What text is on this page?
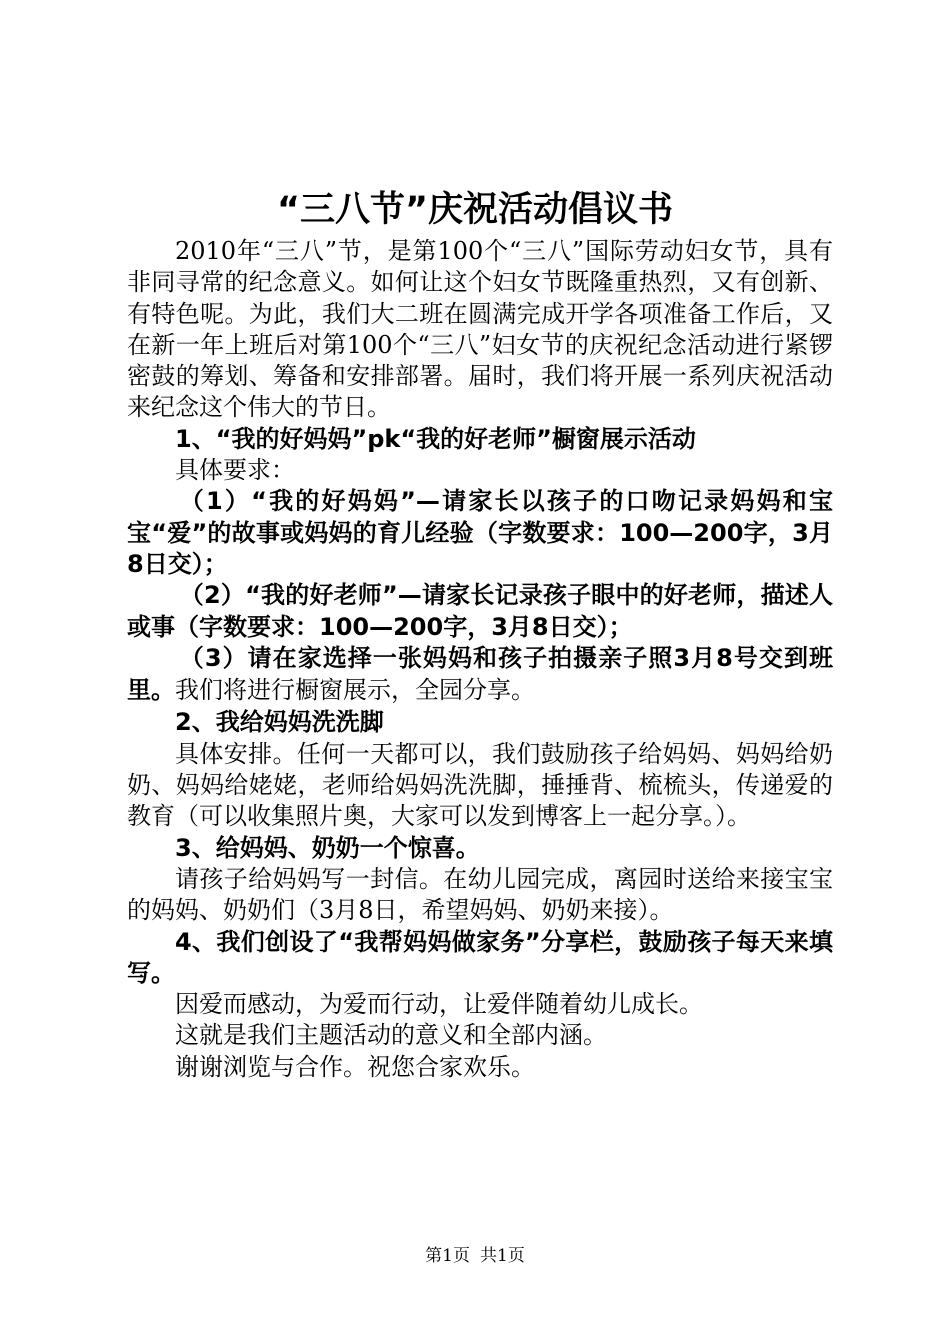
“三八节”庆祝活动倡议书

2010年“三八”节，是第100个“三八”国际劳动妇女节，具有非同寻常的纪念意义。如何让这个妇女节既隆重热烈，又有创新、有特色呢。为此，我们大二班在圆满完成开学各项准备工作后，又在新一年上班后对第100个“三八”妇女节的庆祝纪念活动进行紧锣密鼓的筹划、筹备和安排部署。届时，我们将开展一系列庆祝活动来纪念这个伟大的节日。

1、“我的好妈妈”pk“我的好老师”橱窗展示活动

具体要求：

（1）“我的好妈妈”—请家长以孩子的口吻记录妈妈和宝宝“爱”的故事或妈妈的育儿经验（字数要求：100—200字，3月8日交）；

（2）“我的好老师”—请家长记录孩子眼中的好老师，描述人或事（字数要求：100—200字，3月8日交）；

（3）请在家选择一张妈妈和孩子拍摄亲子照3月8号交到班里。我们将进行橱窗展示，全园分享。

2、我给妈妈洗洗脚

具体安排。任何一天都可以，我们鼓励孩子给妈妈、妈妈给奶奶、妈妈给姥姥，老师给妈妈洗洗脚，捶捶背、梳梳头，传递爱的教育（可以收集照片奥，大家可以发到博客上一起分享。）。

3、给妈妈、奶奶一个惊喜。

请孩子给妈妈写一封信。在幼儿园完成，离园时送给来接宝宝的妈妈、奶奶们（3月8日，希望妈妈、奶奶来接）。

4、我们创设了“我帮妈妈做家务”分享栏，鼓励孩子每天来填写。

因爱而感动，为爱而行动，让爱伴随着幼儿成长。

这就是我们主题活动的意义和全部内涵。

谢谢浏览与合作。祝您合家欢乐。

第1页 共1页
